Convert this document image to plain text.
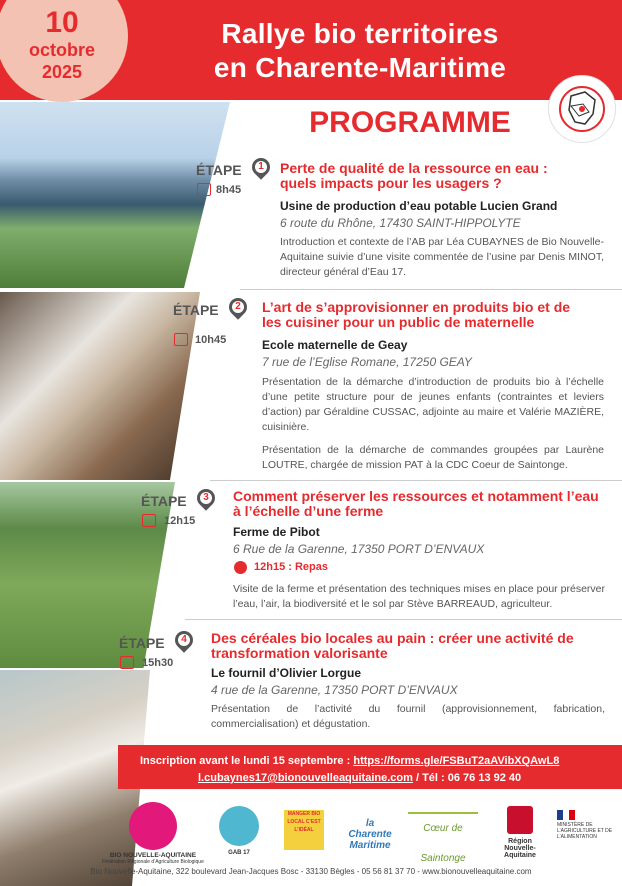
10
octobre
2025
Rallye bio territoires
en Charente-Maritime
PROGRAMME
ÉTAPE	1
8h45
Perte de qualité de la ressource en eau : quels impacts pour les usagers ?
Usine de production d’eau potable Lucien Grand
6 route du Rhône, 17430 SAINT-HIPPOLYTE
Introduction et contexte de l’AB par Léa CUBAYNES de Bio Nouvelle-Aquitaine suivie d’une visite commentée de l’usine par Denis MINOT, directeur général d’Eau 17.
ÉTAPE	2
10h45
L’art de s’approvisionner en produits bio et de les cuisiner pour un public de maternelle
Ecole maternelle de Geay
7 rue de l’Eglise Romane, 17250 GEAY
Présentation de la démarche d’introduction de produits bio à l’échelle d’une petite structure pour de jeunes enfants (contraintes et leviers d’action) par Géraldine CUSSAC, adjointe au maire et Valérie MAZIÈRE, cuisinière.
Présentation de la démarche de commandes groupées par Laurène LOUTRE, chargée de mission PAT à la CDC Coeur de Saintonge.
ÉTAPE	3
12h15
Comment préserver les ressources et notamment l’eau à l’échelle d’une ferme
Ferme de Pibot
6 Rue de la Garenne, 17350 PORT D’ENVAUX
12h15 : Repas
Visite de la ferme et présentation des techniques mises en place pour préserver l’eau, l’air, la biodiversité et le sol par Stève BARREAUD, agriculteur.
ÉTAPE	4
15h30
Des céréales bio locales au pain : créer une activité de transformation valorisante
Le fournil d’Olivier Lorgue
4 rue de la Garenne, 17350 PORT D’ENVAUX
Présentation de l’activité du fournil (approvisionnement, fabrication, commercialisation) et dégustation.
Inscription avant le lundi 15 septembre : https://forms.gle/FSBuT2aAVibXQAwL8
l.cubaynes17@bionouvelleaquitaine.com / Tél : 06 76 13 92 40
BIO NOUVELLE-AQUITAINE
Fédération Régionale d’Agriculture Biologique
GAB 17
MANGER BIO LOCAL C’EST L’IDÉAL
la Charente Maritime
Cœur de Saintonge
Région Nouvelle-Aquitaine
MINISTÈRE DE L’AGRICULTURE ET DE L’ALIMENTATION
Bio Nouvelle-Aquitaine, 322 boulevard Jean-Jacques Bosc - 33130 Bègles - 05 56 81 37 70 - www.bionouvelleaquitaine.com
